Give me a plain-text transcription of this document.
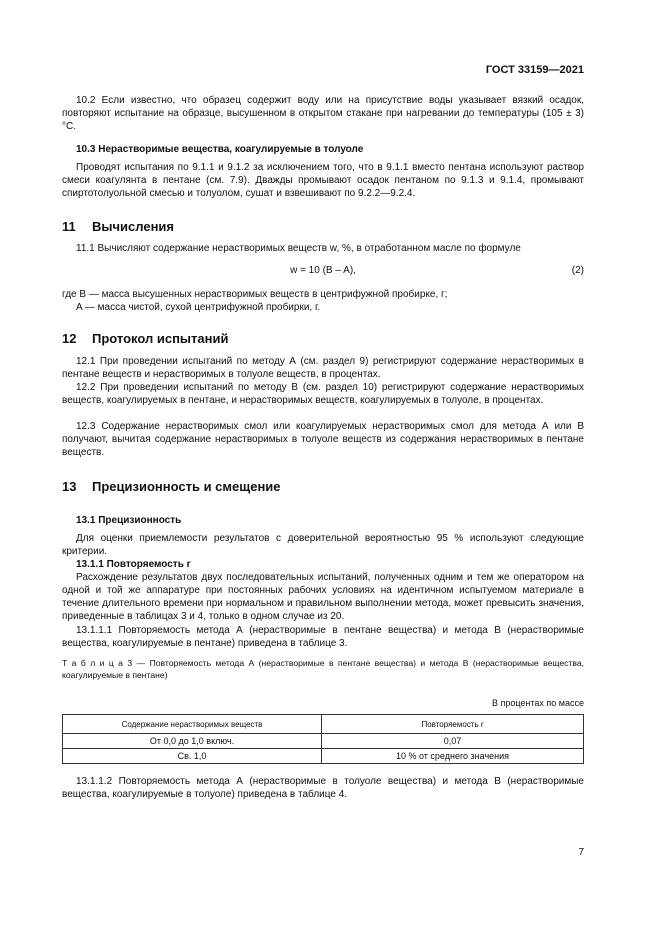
ГОСТ 33159—2021

10.2 Если известно, что образец содержит воду или на присутствие воды указывает вязкий осадок, повторяют испытание на образце, высушенном в открытом стакане при нагревании до температуры (105 ± 3) °С.

10.3 Нерастворимые вещества, коагулируемые в толуоле

Проводят испытания по 9.1.1 и 9.1.2 за исключением того, что в 9.1.1 вместо пентана используют раствор смеси коагулянта в пентане (см. 7.9). Дважды промывают осадок пентаном по 9.1.3 и 9.1.4, промывают спиртотолуольной смесью и толуолом, сушат и взвешивают по 9.2.2—9.2.4.

11 Вычисления

11.1 Вычисляют содержание нерастворимых веществ w, %, в отработанном масле по формуле

w = 10 (B – A),	(2)

где B — масса высушенных нерастворимых веществ в центрифужной пробирке, г;

A — масса чистой, сухой центрифужной пробирки, г.

12 Протокол испытаний

12.1 При проведении испытаний по методу А (см. раздел 9) регистрируют содержание нерастворимых в пентане веществ и нерастворимых в толуоле веществ, в процентах.

12.2 При проведении испытаний по методу В (см. раздел 10) регистрируют содержание нерастворимых веществ, коагулируемых в пентане, и нерастворимых веществ, коагулируемых в толуоле, в процентах.

12.3 Содержание нерастворимых смол или коагулируемых нерастворимых смол для метода А или В получают, вычитая содержание нерастворимых в толуоле веществ из содержания нерастворимых в пентане веществ.

13 Прецизионность и смещение

13.1 Прецизионность

Для оценки приемлемости результатов с доверительной вероятностью 95 % используют следующие критерии.

13.1.1 Повторяемость r

Расхождение результатов двух последовательных испытаний, полученных одним и тем же оператором на одной и той же аппаратуре при постоянных рабочих условиях на идентичном испытуемом материале в течение длительного времени при нормальном и правильном выполнении метода, может превысить значения, приведенные в таблицах 3 и 4, только в одном случае из 20.

13.1.1.1 Повторяемость метода А (нерастворимые в пентане вещества) и метода В (нерастворимые вещества, коагулируемые в пентане) приведена в таблице 3.

Т а б л и ц а 3 — Повторяемость метода А (нерастворимые в пентане вещества) и метода В (нерастворимые вещества, коагулируемые в пентане)

В процентах по массе
Содержание нерастворимых веществ	Повторяемость r
От 0,0 до 1,0 включ.	0,07
Св. 1,0	10 % от среднего значения

13.1.1.2 Повторяемость метода А (нерастворимые в толуоле вещества) и метода В (нерастворимые вещества, коагулируемые в толуоле) приведена в таблице 4.

7
